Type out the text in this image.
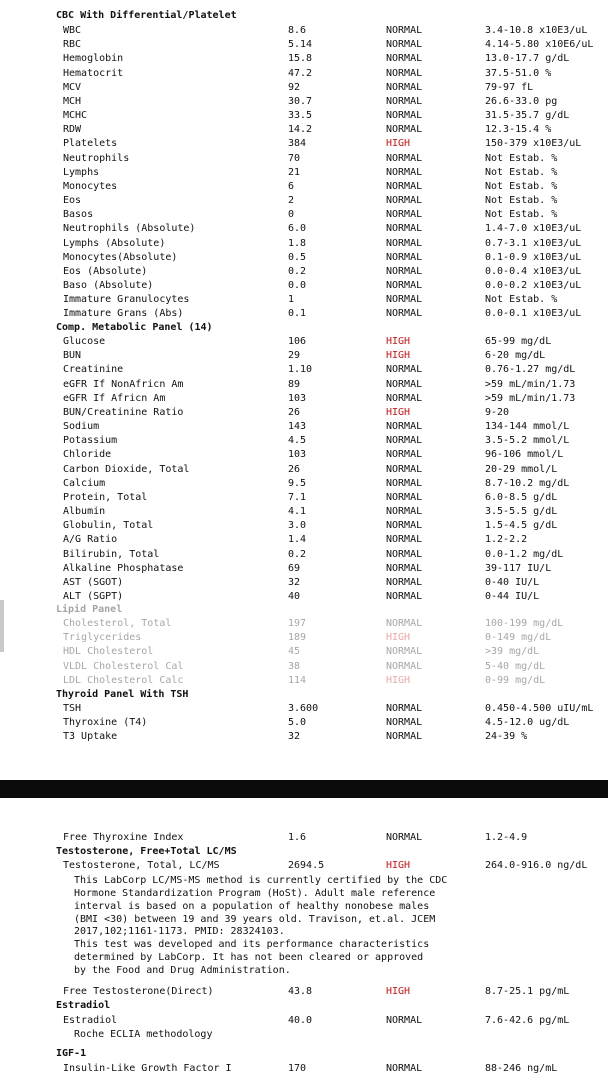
CBC With Differential/Platelet
WBC	8.6	NORMAL	3.4-10.8 x10E3/uL
RBC	5.14	NORMAL	4.14-5.80 x10E6/uL
Hemoglobin	15.8	NORMAL	13.0-17.7 g/dL
Hematocrit	47.2	NORMAL	37.5-51.0 %
MCV	92	NORMAL	79-97 fL
MCH	30.7	NORMAL	26.6-33.0 pg
MCHC	33.5	NORMAL	31.5-35.7 g/dL
RDW	14.2	NORMAL	12.3-15.4 %
Platelets	384	HIGH	150-379 x10E3/uL
Neutrophils	70	NORMAL	Not Estab. %
Lymphs	21	NORMAL	Not Estab. %
Monocytes	6	NORMAL	Not Estab. %
Eos	2	NORMAL	Not Estab. %
Basos	0	NORMAL	Not Estab. %
Neutrophils (Absolute)	6.0	NORMAL	1.4-7.0 x10E3/uL
Lymphs (Absolute)	1.8	NORMAL	0.7-3.1 x10E3/uL
Monocytes(Absolute)	0.5	NORMAL	0.1-0.9 x10E3/uL
Eos (Absolute)	0.2	NORMAL	0.0-0.4 x10E3/uL
Baso (Absolute)	0.0	NORMAL	0.0-0.2 x10E3/uL
Immature Granulocytes	1	NORMAL	Not Estab. %
Immature Grans (Abs)	0.1	NORMAL	0.0-0.1 x10E3/uL
Comp. Metabolic Panel (14)
Glucose	106	HIGH	65-99 mg/dL
BUN	29	HIGH	6-20 mg/dL
Creatinine	1.10	NORMAL	0.76-1.27 mg/dL
eGFR If NonAfricn Am	89	NORMAL	>59 mL/min/1.73
eGFR If Africn Am	103	NORMAL	>59 mL/min/1.73
BUN/Creatinine Ratio	26	HIGH	9-20
Sodium	143	NORMAL	134-144 mmol/L
Potassium	4.5	NORMAL	3.5-5.2 mmol/L
Chloride	103	NORMAL	96-106 mmol/L
Carbon Dioxide, Total	26	NORMAL	20-29 mmol/L
Calcium	9.5	NORMAL	8.7-10.2 mg/dL
Protein, Total	7.1	NORMAL	6.0-8.5 g/dL
Albumin	4.1	NORMAL	3.5-5.5 g/dL
Globulin, Total	3.0	NORMAL	1.5-4.5 g/dL
A/G Ratio	1.4	NORMAL	1.2-2.2
Bilirubin, Total	0.2	NORMAL	0.0-1.2 mg/dL
Alkaline Phosphatase	69	NORMAL	39-117 IU/L
AST (SGOT)	32	NORMAL	0-40 IU/L
ALT (SGPT)	40	NORMAL	0-44 IU/L
Lipid Panel
Cholesterol, Total	197	NORMAL	100-199 mg/dL
Triglycerides	189	HIGH	0-149 mg/dL
HDL Cholesterol	45	NORMAL	>39 mg/dL
VLDL Cholesterol Cal	38	NORMAL	5-40 mg/dL
LDL Cholesterol Calc	114	HIGH	0-99 mg/dL
Thyroid Panel With TSH
TSH	3.600	NORMAL	0.450-4.500 uIU/mL
Thyroxine (T4)	5.0	NORMAL	4.5-12.0 ug/dL
T3 Uptake	32	NORMAL	24-39 %
Free Thyroxine Index	1.6	NORMAL	1.2-4.9
Testosterone, Free+Total LC/MS
Testosterone, Total, LC/MS	2694.5	HIGH	264.0-916.0 ng/dL
This LabCorp LC/MS-MS method is currently certified by the CDC
Hormone Standardization Program (HoSt). Adult male reference
interval is based on a population of healthy nonobese males
(BMI <30) between 19 and 39 years old. Travison, et.al. JCEM
2017,102;1161-1173. PMID: 28324103.
This test was developed and its performance characteristics
determined by LabCorp. It has not been cleared or approved
by the Food and Drug Administration.
Free Testosterone(Direct)	43.8	HIGH	8.7-25.1 pg/mL
Estradiol
Estradiol	40.0	NORMAL	7.6-42.6 pg/mL
Roche ECLIA methodology
IGF-1
Insulin-Like Growth Factor I	170	NORMAL	88-246 ng/mL
